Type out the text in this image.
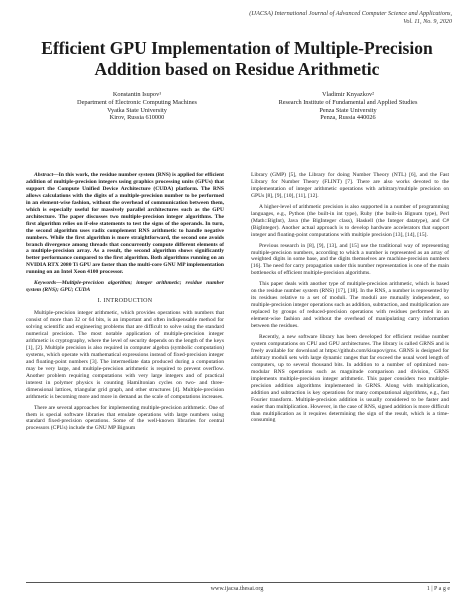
(IJACSA) International Journal of Advanced Computer Science and Applications,
Vol. 11, No. 9, 2020
Efficient GPU Implementation of Multiple-Precision Addition based on Residue Arithmetic
Konstantin Isupov¹
Department of Electronic Computing Machines
Vyatka State University
Kirov, Russia 610000
Vladimir Knyazkov²
Research Institute of Fundamental and Applied Studies
Penza State University
Penza, Russia 440026

Abstract—In this work, the residue number system (RNS) is applied for efficient addition of multiple-precision integers using graphics processing units (GPUs) that support the Compute Unified Device Architecture (CUDA) platform. The RNS allows calculations with the digits of a multiple-precision number to be performed in an element-wise fashion, without the overhead of communication between them, which is especially useful for massively parallel architectures such as the GPU architecture. The paper discusses two multiple-precision integer algorithms. The first algorithm relies on if-else statements to test the signs of the operands. In turn, the second algorithm uses radix complement RNS arithmetic to handle negative numbers. While the first algorithm is more straightforward, the second one avoids branch divergence among threads that concurrently compute different elements of a multiple-precision array. As a result, the second algorithm shows significantly better performance compared to the first algorithm. Both algorithms running on an NVIDIA RTX 2080 Ti GPU are faster than the multi-core GNU MP implementation running on an Intel Xeon 4100 processor.

Keywords—Multiple-precision algorithm; integer arithmetic; residue number system (RNS); GPU; CUDA

I. INTRODUCTION

Multiple-precision integer arithmetic, which provides operations with numbers that consist of more than 32 or 64 bits, is an important and often indispensable method for solving scientific and engineering problems that are difficult to solve using the standard numerical precision. The most notable application of multiple-precision integer arithmetic is cryptography, where the level of security depends on the length of the keys [1], [2]. Multiple precision is also required in computer algebra (symbolic computation) systems, which operate with mathematical expressions instead of fixed-precision integer and floating-point numbers [3]. The intermediate data produced during a computation may be very large, and multiple-precision arithmetic is required to prevent overflow. Another problem requiring computations with very large integers and of practical interest in polymer physics is counting Hamiltonian cycles on two- and three-dimensional lattices, triangular grid graph, and other structures [4]. Multiple-precision arithmetic is becoming more and more in demand as the scale of computations increases.

There are several approaches for implementing multiple-precision arithmetic. One of them is special software libraries that emulate operations with large numbers using standard fixed-precision operations. Some of the well-known libraries for central processors (CPUs) include the GNU MP Bignum

Library (GMP) [5], the Library for doing Number Theory (NTL) [6], and the Fast Library for Number Theory (FLINT) [7]. There are also works devoted to the implementation of integer arithmetic operations with arbitrary/multiple precision on GPUs [8], [9], [10], [11], [12].

A higher-level of arithmetic precision is also supported in a number of programming languages, e.g., Python (the built-in int type), Ruby (the built-in Bignum type), Perl (Math::BigInt), Java (the BigInteger class), Haskell (the Integer datatype), and C# (BigInteger). Another actual approach is to develop hardware accelerators that support integer and floating-point computations with multiple precision [13], [14], [15].

Previous research in [8], [9], [13], and [15] use the traditional way of representing multiple-precision numbers, according to which a number is represented as an array of weighted digits in some base, and the digits themselves are machine-precision numbers [16]. The need for carry propagation under this number representation is one of the main bottlenecks of efficient multiple-precision algorithms.

This paper deals with another type of multiple-precision arithmetic, which is based on the residue number system (RNS) [17], [18]. In the RNS, a number is represented by its residues relative to a set of moduli. The moduli are mutually independent, so multiple-precision integer operations such as addition, subtraction, and multiplication are replaced by groups of reduced-precision operations with residues performed in an element-wise fashion and without the overhead of manipulating carry information between the residues.

Recently, a new software library has been developed for efficient residue number system computations on CPU and GPU architectures. The library is called GRNS and is freely available for download at https://github.com/kisupov/grns. GRNS is designed for arbitrary moduli sets with large dynamic ranges that far exceed the usual word length of computers, up to several thousand bits. In addition to a number of optimized non-modular RNS operations such as magnitude comparison and division, GRNS implements multiple-precision integer arithmetic. This paper considers two multiple-precision addition algorithms implemented in GRNS. Along with multiplication, addition and subtraction is key operations for many computational algorithms, e.g., fast Fourier transform. Multiple-precision addition is usually considered to be faster and easier than multiplication. However, in the case of RNS, signed addition is more difficult than multiplication as it requires determining the sign of the result, which is a time-consuming

www.ijacsa.thesai.org	1 | P a g e
